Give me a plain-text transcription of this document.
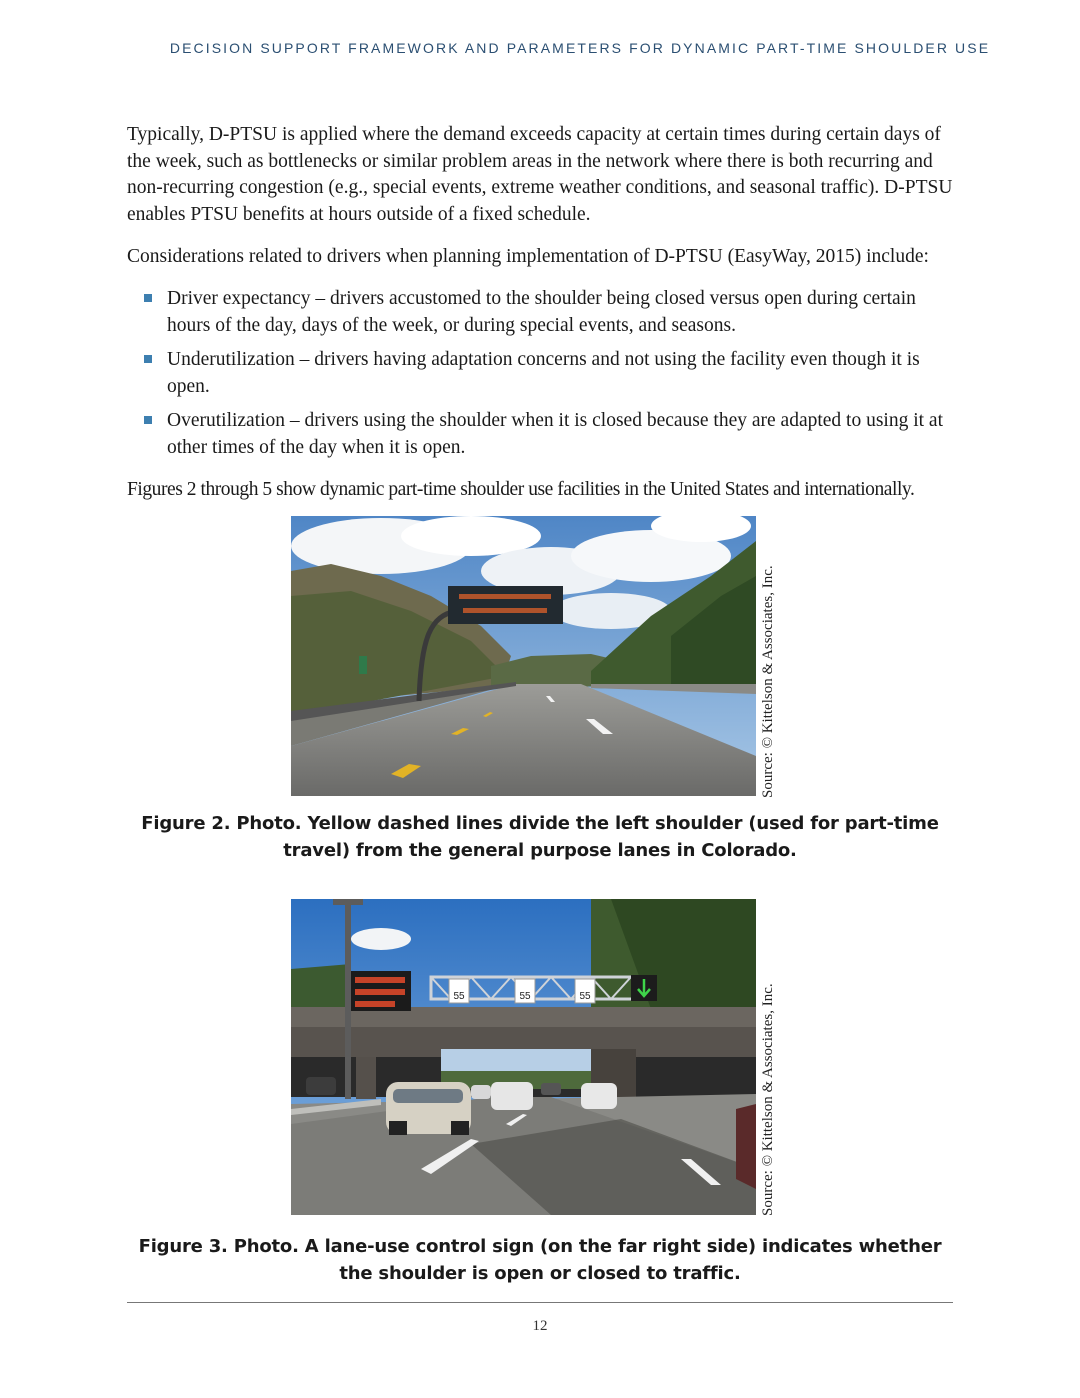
DECISION SUPPORT FRAMEWORK AND PARAMETERS FOR DYNAMIC PART-TIME SHOULDER USE

Typically, D-PTSU is applied where the demand exceeds capacity at certain times during certain days of the week, such as bottlenecks or similar problem areas in the network where there is both recurring and non-recurring congestion (e.g., special events, extreme weather conditions, and seasonal traffic). D-PTSU enables PTSU benefits at hours outside of a fixed schedule.

Considerations related to drivers when planning implementation of D-PTSU (EasyWay, 2015) include:

Driver expectancy – drivers accustomed to the shoulder being closed versus open during certain hours of the day, days of the week, or during special events, and seasons.
Underutilization – drivers having adaptation concerns and not using the facility even though it is open.
Overutilization – drivers using the shoulder when it is closed because they are adapted to using it at other times of the day when it is open.

Figures 2 through 5 show dynamic part-time shoulder use facilities in the United States and internationally.

Source: © Kittelson & Associates, Inc.

Figure 2. Photo. Yellow dashed lines divide the left shoulder (used for part-time travel) from the general purpose lanes in Colorado.

55	55	55	Source: © Kittelson & Associates, Inc.

Figure 3. Photo. A lane-use control sign (on the far right side) indicates whether the shoulder is open or closed to traffic.

12
